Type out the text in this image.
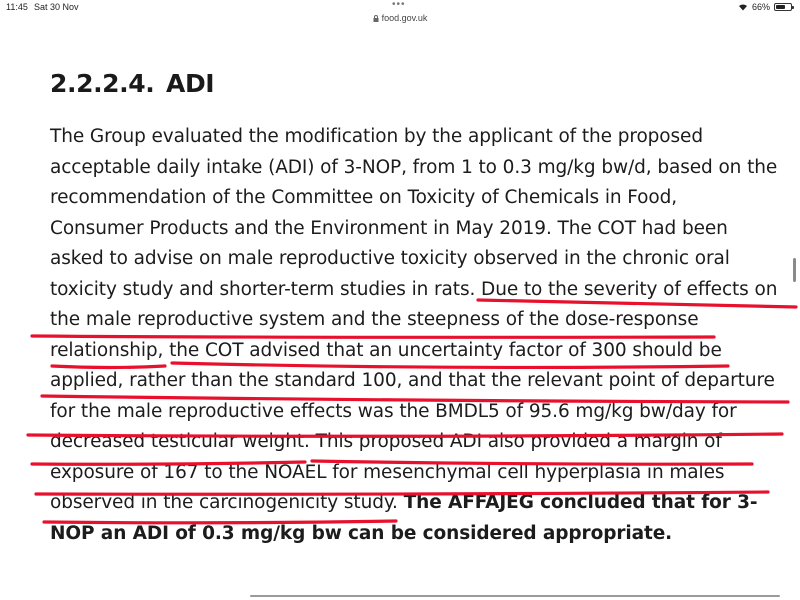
11:45 Sat 30 Nov	•••	66%
food.gov.uk
2.2.2.4. ADI

The Group evaluated the modification by the applicant of the proposed
acceptable daily intake (ADI) of 3-NOP, from 1 to 0.3 mg/kg bw/d, based on the
recommendation of the Committee on Toxicity of Chemicals in Food,
Consumer Products and the Environment in May 2019. The COT had been
asked to advise on male reproductive toxicity observed in the chronic oral
toxicity study and shorter-term studies in rats. Due to the severity of effects on
the male reproductive system and the steepness of the dose-response
relationship, the COT advised that an uncertainty factor of 300 should be
applied, rather than the standard 100, and that the relevant point of departure
for the male reproductive effects was the BMDL5 of 95.6 mg/kg bw/day for
decreased testicular weight. This proposed ADI also provided a margin of
exposure of 167 to the NOAEL for mesenchymal cell hyperplasia in males
observed in the carcinogenicity study. The AFFAJEG concluded that for 3-
NOP an ADI of 0.3 mg/kg bw can be considered appropriate.
